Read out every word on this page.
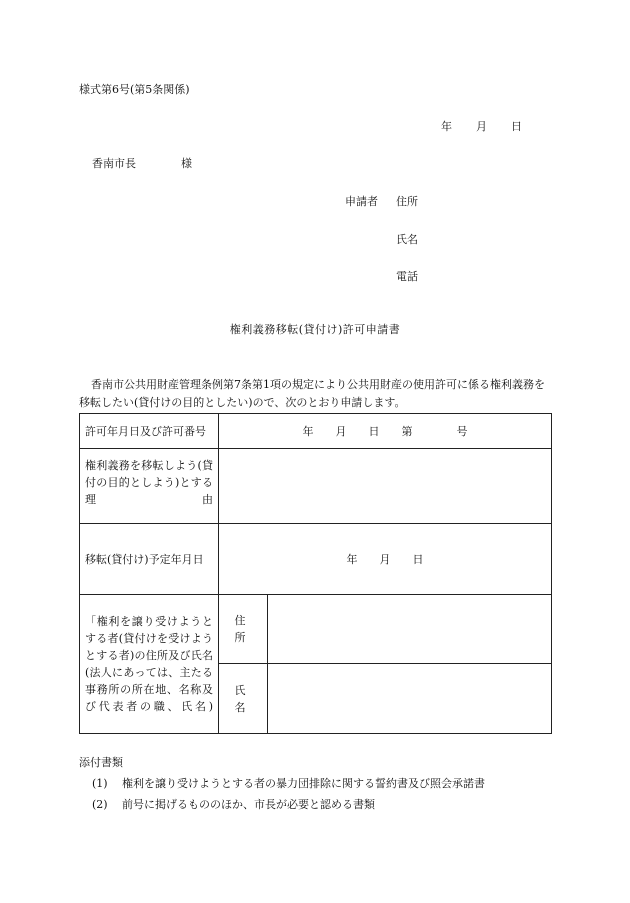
様式第6号(第5条関係)
年 月 日
香南市長	様
申請者 住所
氏名
電話
権利義務移転(貸付け)許可申請書
香南市公共用財産管理条例第7条第1項の規定により公共用財産の使用許可に係る権利義務を移転したい(貸付けの目的としたい)ので、次のとおり申請します。
許可年月日及び許可番号	年　　月　　日　　第　　　　号	
権利義務を移転しよう(貸付の目的としよう)とする理由		
移転(貸付け)予定年月日	年　　月　　日	
「権利を譲り受けようとする者(貸付けを受けようとする者)の住所及び氏名(法人にあっては、主たる事務所の所在地、名称及び代表者の職、氏名)	住　所	
	氏　名	
添付書類
(1) 権利を譲り受けようとする者の暴力団排除に関する誓約書及び照会承諾書
(2) 前号に掲げるもののほか、市長が必要と認める書類
